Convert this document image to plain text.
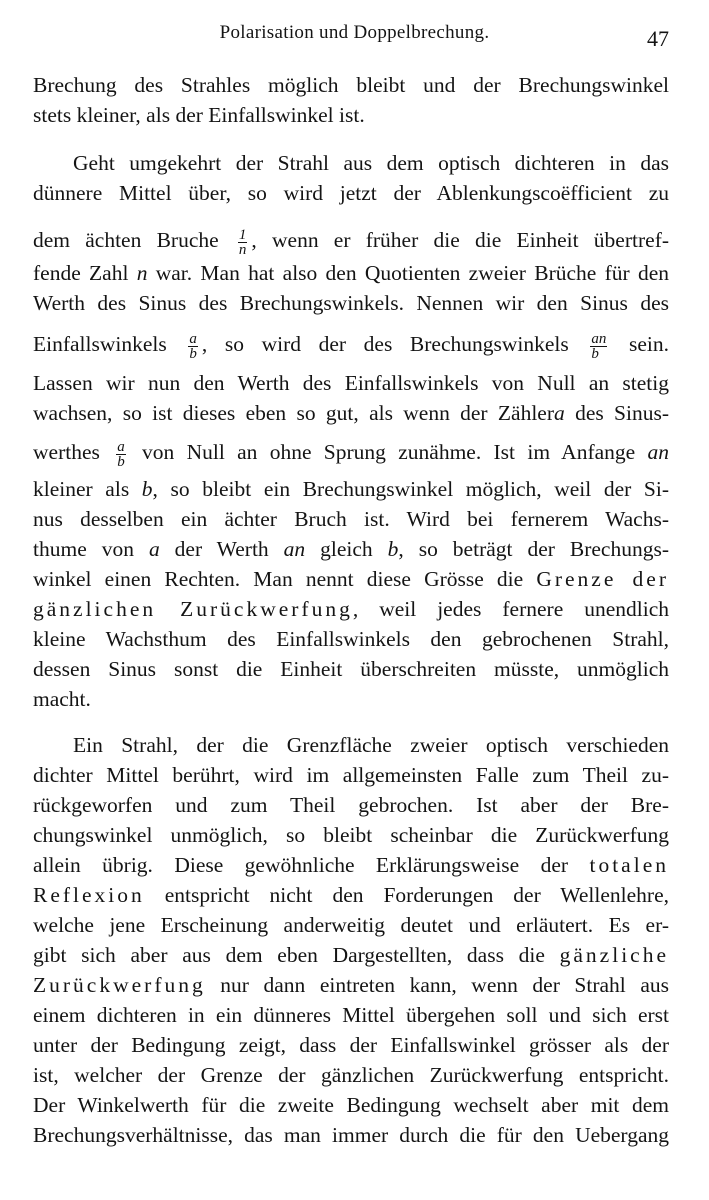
Polarisation und Doppelbrechung.	47
Brechung des Strahles möglich bleibt und der Brechungswinkel
stets kleiner, als der Einfallswinkel ist.
Geht umgekehrt der Strahl aus dem optisch dichteren in das
dünnere Mittel über, so wird jetzt der Ablenkungscoëfficient zu
dem ächten Bruche $\frac{1}{n}$ , wenn er früher die die Einheit übertref-
fende Zahl n war. Man hat also den Quotienten zweier Brüche für den
Werth des Sinus des Brechungswinkels. Nennen wir den Sinus des
Einfallswinkels $\frac{a}{b}$ , so wird der des Brechungswinkels $\frac{an}{b}$ sein.
Lassen wir nun den Werth des Einfallswinkels von Null an stetig
wachsen, so ist dieses eben so gut, als wenn der Zählera des Sinus-
werthes $\frac{a}{b}$ von Null an ohne Sprung zunähme. Ist im Anfange an
kleiner als b, so bleibt ein Brechungswinkel möglich, weil der Si-
nus desselben ein ächter Bruch ist. Wird bei fernerem Wachs-
thume von a der Werth an gleich b, so beträgt der Brechungs-
winkel einen Rechten. Man nennt diese Grösse die Grenze der
gänzlichen Zurückwerfung, weil jedes fernere unendlich
kleine Wachsthum des Einfallswinkels den gebrochenen Strahl,
dessen Sinus sonst die Einheit überschreiten müsste, unmöglich
macht.
Ein Strahl, der die Grenzfläche zweier optisch verschieden
dichter Mittel berührt, wird im allgemeinsten Falle zum Theil zu-
rückgeworfen und zum Theil gebrochen. Ist aber der Bre-
chungswinkel unmöglich, so bleibt scheinbar die Zurückwerfung
allein übrig. Diese gewöhnliche Erklärungsweise der totalen
Reflexion entspricht nicht den Forderungen der Wellenlehre,
welche jene Erscheinung anderweitig deutet und erläutert. Es er-
gibt sich aber aus dem eben Dargestellten, dass die gänzliche
Zurückwerfung nur dann eintreten kann, wenn der Strahl aus
einem dichteren in ein dünneres Mittel übergehen soll und sich erst
unter der Bedingung zeigt, dass der Einfallswinkel grösser als der
ist, welcher der Grenze der gänzlichen Zurückwerfung entspricht.
Der Winkelwerth für die zweite Bedingung wechselt aber mit dem
Brechungsverhältnisse, das man immer durch die für den Uebergang
